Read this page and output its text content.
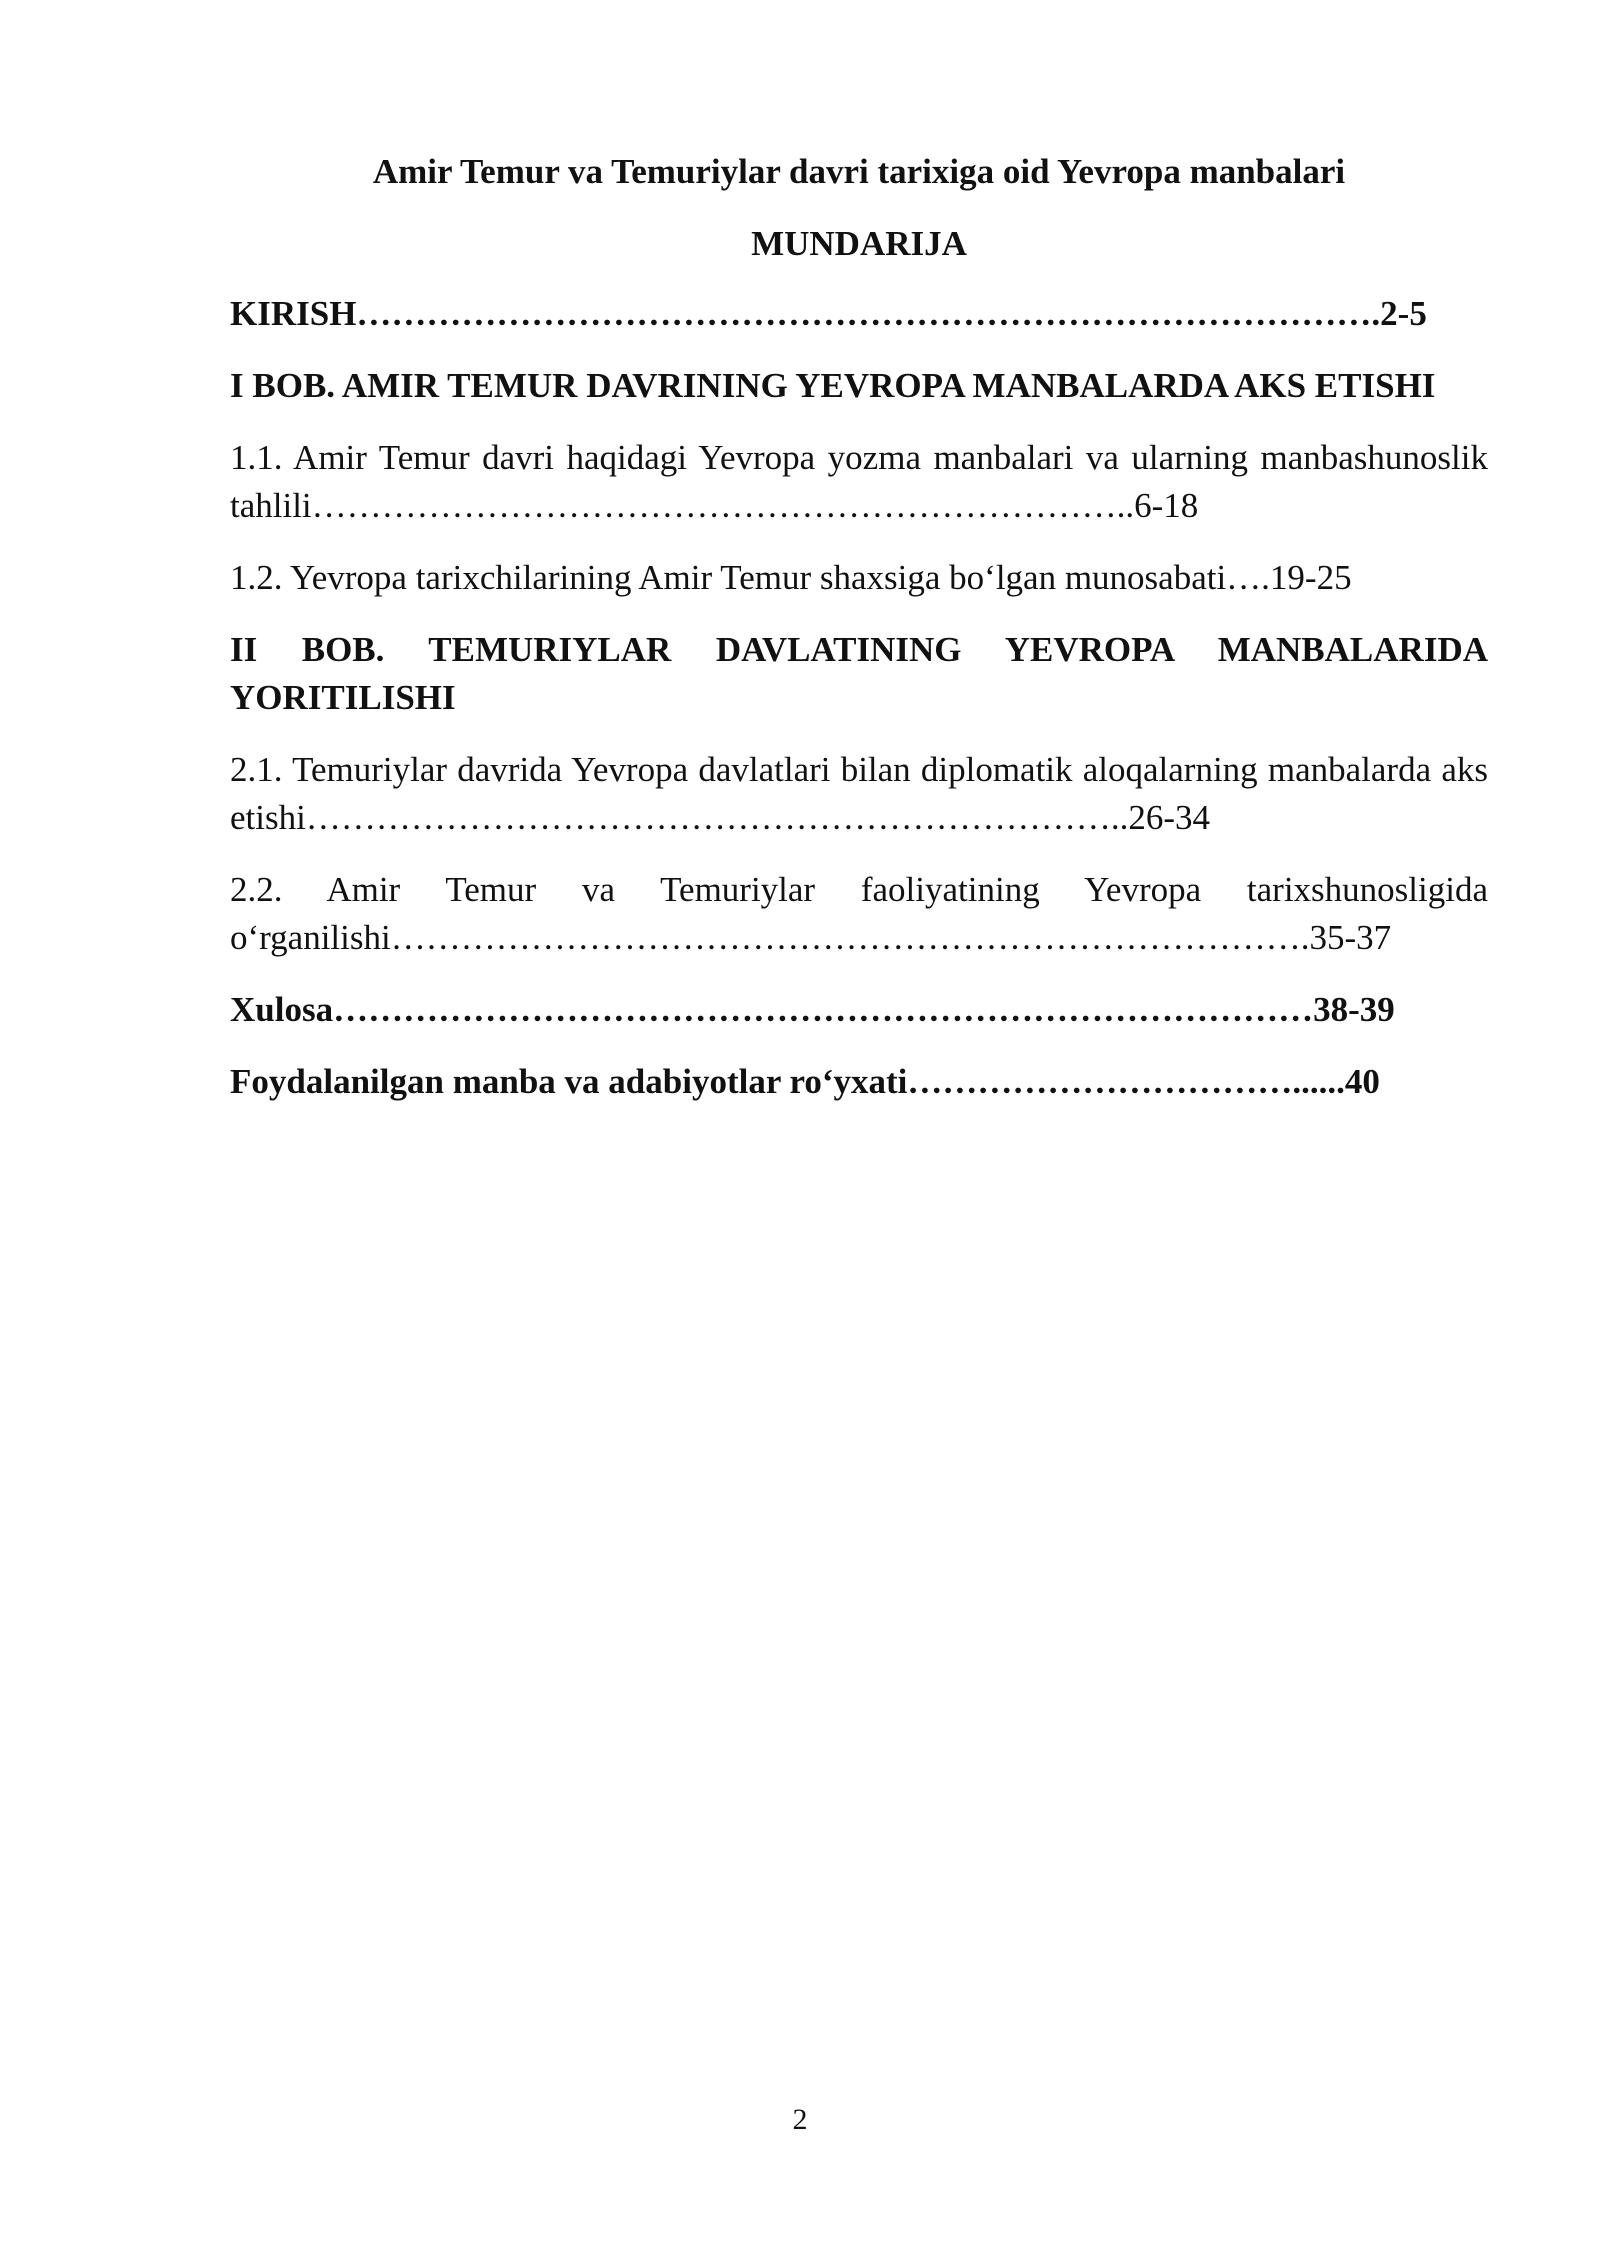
Amir Temur va Temuriylar davri tarixiga oid Yevropa manbalari
MUNDARIJA
KIRISH…………………………………………………………………………….2-5
I BOB. AMIR TEMUR DAVRINING YEVROPA MANBALARDA AKS ETISHI
1.1. Amir Temur davri haqidagi Yevropa yozma manbalari va ularning manbashunoslik tahlili……………………………………………………………..6-18
1.2. Yevropa tarixchilarining Amir Temur shaxsiga bo‘lgan munosabati….19-25
II BOB. TEMURIYLAR DAVLATINING YEVROPA MANBALARIDA YORITILISHI
2.1. Temuriylar davrida Yevropa davlatlari bilan diplomatik aloqalarning manbalarda aks etishi……………………………………………………………..26-34
2.2. Amir Temur va Temuriylar faoliyatining Yevropa tarixshunosligida o‘rganilishi…………………………………………………………………….35-37
Xulosa…………………………………………………………………………38-39
Foydalanilgan manba va adabiyotlar ro‘yxati……………………………......40
2
